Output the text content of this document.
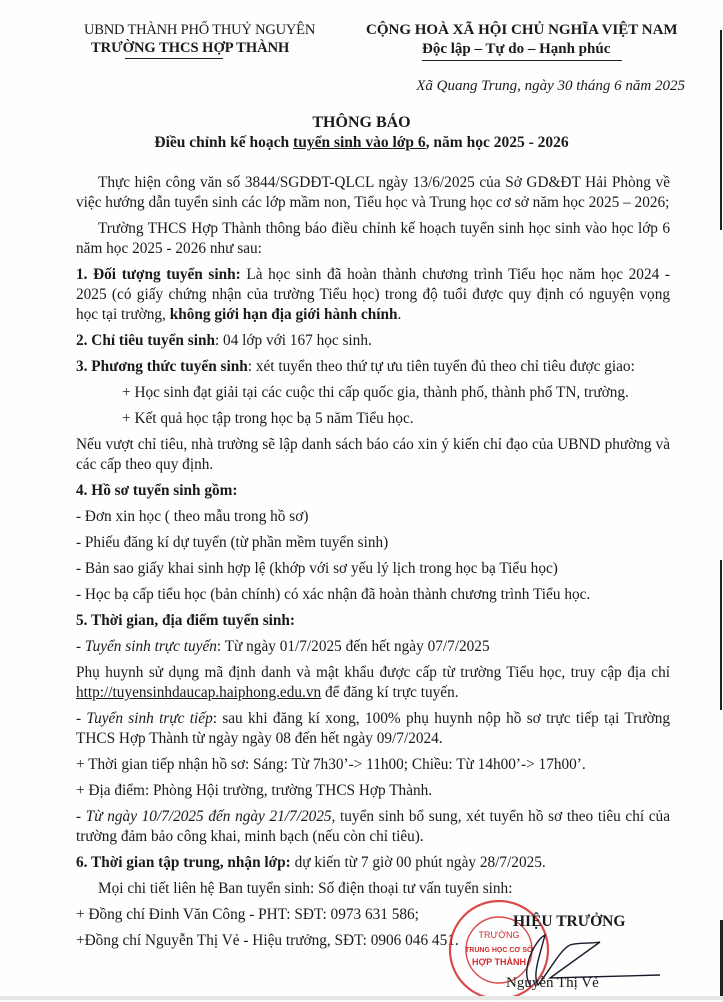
UBND THÀNH PHỐ THUỶ NGUYÊN
TRƯỜNG THCS HỢP THÀNH
CỘNG HOÀ XÃ HỘI CHỦ NGHĨA VIỆT NAM
Độc lập – Tự do – Hạnh phúc
Xã Quang Trung, ngày 30 tháng 6 năm 2025
THÔNG BÁO
Điều chỉnh kế hoạch tuyển sinh vào lớp 6, năm học 2025 - 2026

Thực hiện công văn số 3844/SGDĐT-QLCL ngày 13/6/2025 của Sở GD&ĐT Hải Phòng về việc hướng dẫn tuyển sinh các lớp mầm non, Tiểu học và Trung học cơ sở năm học 2025 – 2026;

Trường THCS Hợp Thành thông báo điều chỉnh kế hoạch tuyển sinh học sinh vào học lớp 6 năm học 2025 - 2026 như sau:

1. Đối tượng tuyển sinh: Là học sinh đã hoàn thành chương trình Tiểu học năm học 2024 - 2025 (có giấy chứng nhận của trường Tiểu học) trong độ tuổi được quy định có nguyện vọng học tại trường, không giới hạn địa giới hành chính.

2. Chỉ tiêu tuyển sinh: 04 lớp với 167 học sinh.

3. Phương thức tuyển sinh: xét tuyển theo thứ tự ưu tiên tuyển đủ theo chỉ tiêu được giao:

+ Học sinh đạt giải tại các cuộc thi cấp quốc gia, thành phố, thành phố TN, trường.

+ Kết quả học tập trong học bạ 5 năm Tiểu học.

Nếu vượt chỉ tiêu, nhà trường sẽ lập danh sách báo cáo xin ý kiến chỉ đạo của UBND phường và các cấp theo quy định.

4. Hồ sơ tuyển sinh gồm:

- Đơn xin học ( theo mẫu trong hồ sơ)

- Phiếu đăng kí dự tuyển (từ phần mềm tuyển sinh)

- Bản sao giấy khai sinh hợp lệ (khớp với sơ yếu lý lịch trong học bạ Tiểu học)

- Học bạ cấp tiểu học (bản chính) có xác nhận đã hoàn thành chương trình Tiểu học.

5. Thời gian, địa điểm tuyển sinh:

- Tuyển sinh trực tuyến: Từ ngày 01/7/2025 đến hết ngày 07/7/2025

Phụ huynh sử dụng mã định danh và mật khẩu được cấp từ trường Tiểu học, truy cập địa chỉ http://tuyensinhdaucap.haiphong.edu.vn để đăng kí trực tuyến.

- Tuyển sinh trực tiếp: sau khi đăng kí xong, 100% phụ huynh nộp hồ sơ trực tiếp tại Trường THCS Hợp Thành từ ngày ngày 08 đến hết ngày 09/7/2024.

+ Thời gian tiếp nhận hồ sơ: Sáng: Từ 7h30’-> 11h00; Chiều: Từ 14h00’-> 17h00’.

+ Địa điểm: Phòng Hội trường, trường THCS Hợp Thành.

- Từ ngày 10/7/2025 đến ngày 21/7/2025, tuyển sinh bổ sung, xét tuyển hồ sơ theo tiêu chí của trường đảm bảo công khai, minh bạch (nếu còn chỉ tiêu).

6. Thời gian tập trung, nhận lớp: dự kiến từ 7 giờ 00 phút ngày 28/7/2025.

Mọi chi tiết liên hệ Ban tuyển sinh: Số điện thoại tư vấn tuyển sinh:

+ Đồng chí Đinh Văn Công - PHT: SĐT: 0973 631 586;

+Đồng chí Nguyễn Thị Vẻ - Hiệu trưởng, SĐT: 0906 046 451.	TRƯỜNG
TRUNG HỌC CƠ SỞ
HỢP THÀNH
HIỆU TRƯỞNG
Nguyễn Thị Vẻ
